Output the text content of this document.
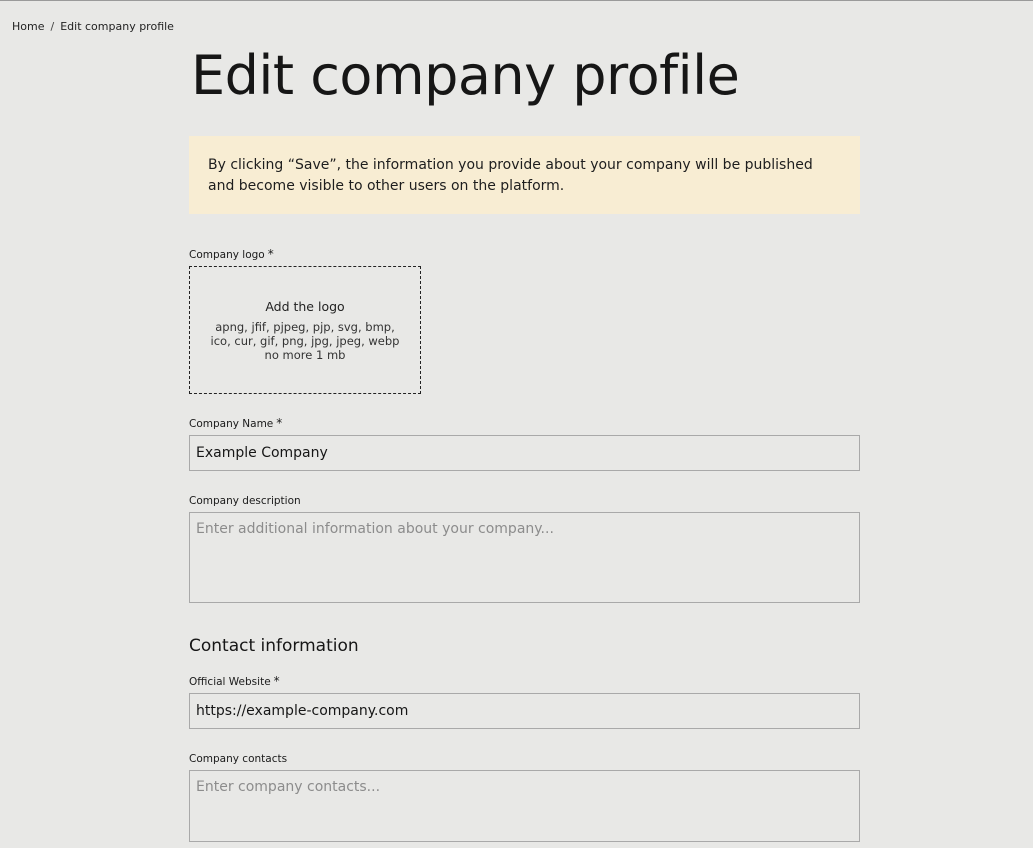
Home / Edit company profile
Edit company profile
By clicking “Save”, the information you provide about your company will be published and become visible to other users on the platform.
Company logo *
Add the logo
apng, jfif, pjpeg, pjp, svg, bmp, ico, cur, gif, png, jpg, jpeg, webp
no more 1 mb
Company Name *
Example Company
Company description
Enter additional information about your company...
Contact information
Official Website *
https://example-company.com
Company contacts
Enter company contacts...
